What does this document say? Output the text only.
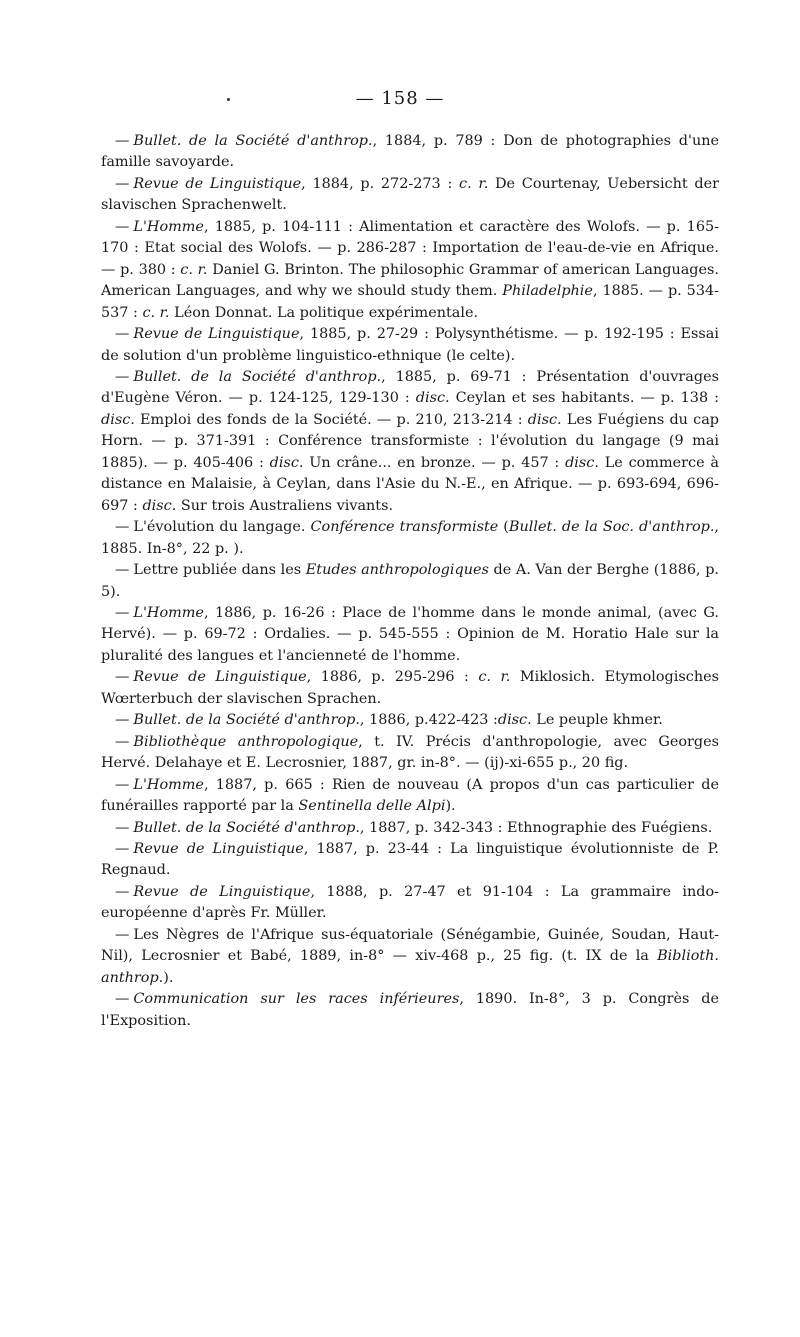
— 158 —

— Bullet. de la Société d'anthrop., 1884, p. 789 : Don de photographies d'une famille savoyarde.

— Revue de Linguistique, 1884, p. 272-273 : c. r. De Courtenay, Uebersicht der slavischen Sprachenwelt.

— L'Homme, 1885, p. 104-111 : Alimentation et caractère des Wolofs. — p. 165-170 : Etat social des Wolofs. — p. 286-287 : Importation de l'eau-de-vie en Afrique. — p. 380 : c. r. Daniel G. Brinton. The philosophic Grammar of american Languages. American Languages, and why we should study them. Philadelphie, 1885. — p. 534-537 : c. r. Léon Donnat. La politique expérimentale.

— Revue de Linguistique, 1885, p. 27-29 : Polysynthétisme. — p. 192-195 : Essai de solution d'un problème linguistico-ethnique (le celte).

— Bullet. de la Société d'anthrop., 1885, p. 69-71 : Présentation d'ouvrages d'Eugène Véron. — p. 124-125, 129-130 : disc. Ceylan et ses habitants. — p. 138 : disc. Emploi des fonds de la Société. — p. 210, 213-214 : disc. Les Fuégiens du cap Horn. — p. 371-391 : Conférence transformiste : l'évolution du langage (9 mai 1885). — p. 405-406 : disc. Un crâne... en bronze. — p. 457 : disc. Le commerce à distance en Malaisie, à Ceylan, dans l'Asie du N.-E., en Afrique. — p. 693-694, 696-697 : disc. Sur trois Australiens vivants.

— L'évolution du langage. Conférence transformiste (Bullet. de la Soc. d'anthrop., 1885. In-8°, 22 p. ).

— Lettre publiée dans les Etudes anthropologiques de A. Van der Berghe (1886, p. 5).

— L'Homme, 1886, p. 16-26 : Place de l'homme dans le monde animal, (avec G. Hervé). — p. 69-72 : Ordalies. — p. 545-555 : Opinion de M. Horatio Hale sur la pluralité des langues et l'ancienneté de l'homme.

— Revue de Linguistique, 1886, p. 295-296 : c. r. Miklosich. Etymologisches Wœrterbuch der slavischen Sprachen.

— Bullet. de la Société d'anthrop., 1886, p.422-423 :disc. Le peuple khmer.

— Bibliothèque anthropologique, t. IV. Précis d'anthropologie, avec Georges Hervé. Delahaye et E. Lecrosnier, 1887, gr. in-8°. — (ij)-xi-655 p., 20 fig.

— L'Homme, 1887, p. 665 : Rien de nouveau (A propos d'un cas particulier de funérailles rapporté par la Sentinella delle Alpi).

— Bullet. de la Société d'anthrop., 1887, p. 342-343 : Ethnographie des Fuégiens.

— Revue de Linguistique, 1887, p. 23-44 : La linguistique évolutionniste de P. Regnaud.

— Revue de Linguistique, 1888, p. 27-47 et 91-104 : La grammaire indo-européenne d'après Fr. Müller.

— Les Nègres de l'Afrique sus-équatoriale (Sénégambie, Guinée, Soudan, Haut-Nil), Lecrosnier et Babé, 1889, in-8° — xiv-468 p., 25 fig. (t. IX de la Biblioth. anthrop.).

— Communication sur les races inférieures, 1890. In-8°, 3 p. Congrès de l'Exposition.
